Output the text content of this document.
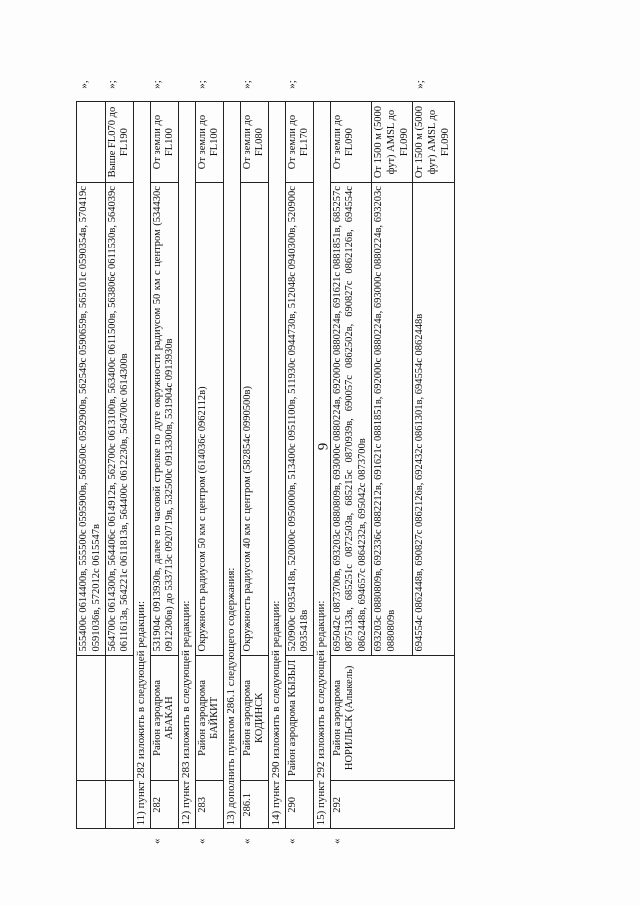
9
			555400с 0614400в, 555500с 0595900в, 560500с 0592900в, 562549с 0590659в, 565101с 0590354в, 570419с 0591036в, 572012с 0615547в		»,
			564700с 0614300в, 564406с 0614912в, 562700с 0613100в, 563400с 0611500в, 563806с 0611530в, 564039с 0611613в, 564221с 0611813в, 564400с 0612230в, 564700с 0614300в	Выше FL070 до FL190	»;
	11) пункт 282 изложить в следующей редакции:				
«	282	Район аэродрома АБАКАН	531904с 0913930в, далее по часовой стрелке по дуге окружности радиусом 50 км с центром (534430с 0912306в) до 533713с 0920719в, 532500с 0913300в, 531904с 0913930в	От земли до FL100	»;
	12) пункт 283 изложить в следующей редакции:				
«	283	Район аэродрома БАЙКИТ	Окружность радиусом 50 км с центром (614036с 0962112в)	От земли до FL100	»;
	13) дополнить пунктом 286.1 следующего содержания:				
«	286.1	Район аэродрома КОДИНСК	Окружность радиусом 40 км с центром (582854с 0990500в)	От земли до FL080	»;
	14) пункт 290 изложить в следующей редакции:				
«	290	Район аэродрома КЫЗЫЛ	520900с 0935418в, 520000с 0950000в, 513400с 0951100в, 511930с 0944730в, 512048с 0940300в, 520900с 0935418в	От земли до FL170	»;
	15) пункт 292 изложить в следующей редакции:				
«	292	Район аэродрома НОРИЛЬСК (Алыкель)	695042с 0873700в, 693203с 0880809в, 693000с 0880224в, 692000с 0880224в, 691621с 0881851в, 685257с 0875133в, 685251с 0872503в, 685215с 0870939в, 690057с 0862502в, 690827с 0862126в, 694554с 0862448в, 694657с 0864232в, 695042с 0873700в	От земли до FL090	
			693203с 0880809в, 692336с 0882212в, 691621с 0881851в, 692000с 0880224в, 693000с 0880224в, 693203с 0880809в	От 1500 м (5000 фут) AMSL до FL090	
			694554с 0862448в, 690827с 0862126в, 692432с 0861301в, 694554с 0862448в	От 1500 м (5000 фут) AMSL до FL090	»;
